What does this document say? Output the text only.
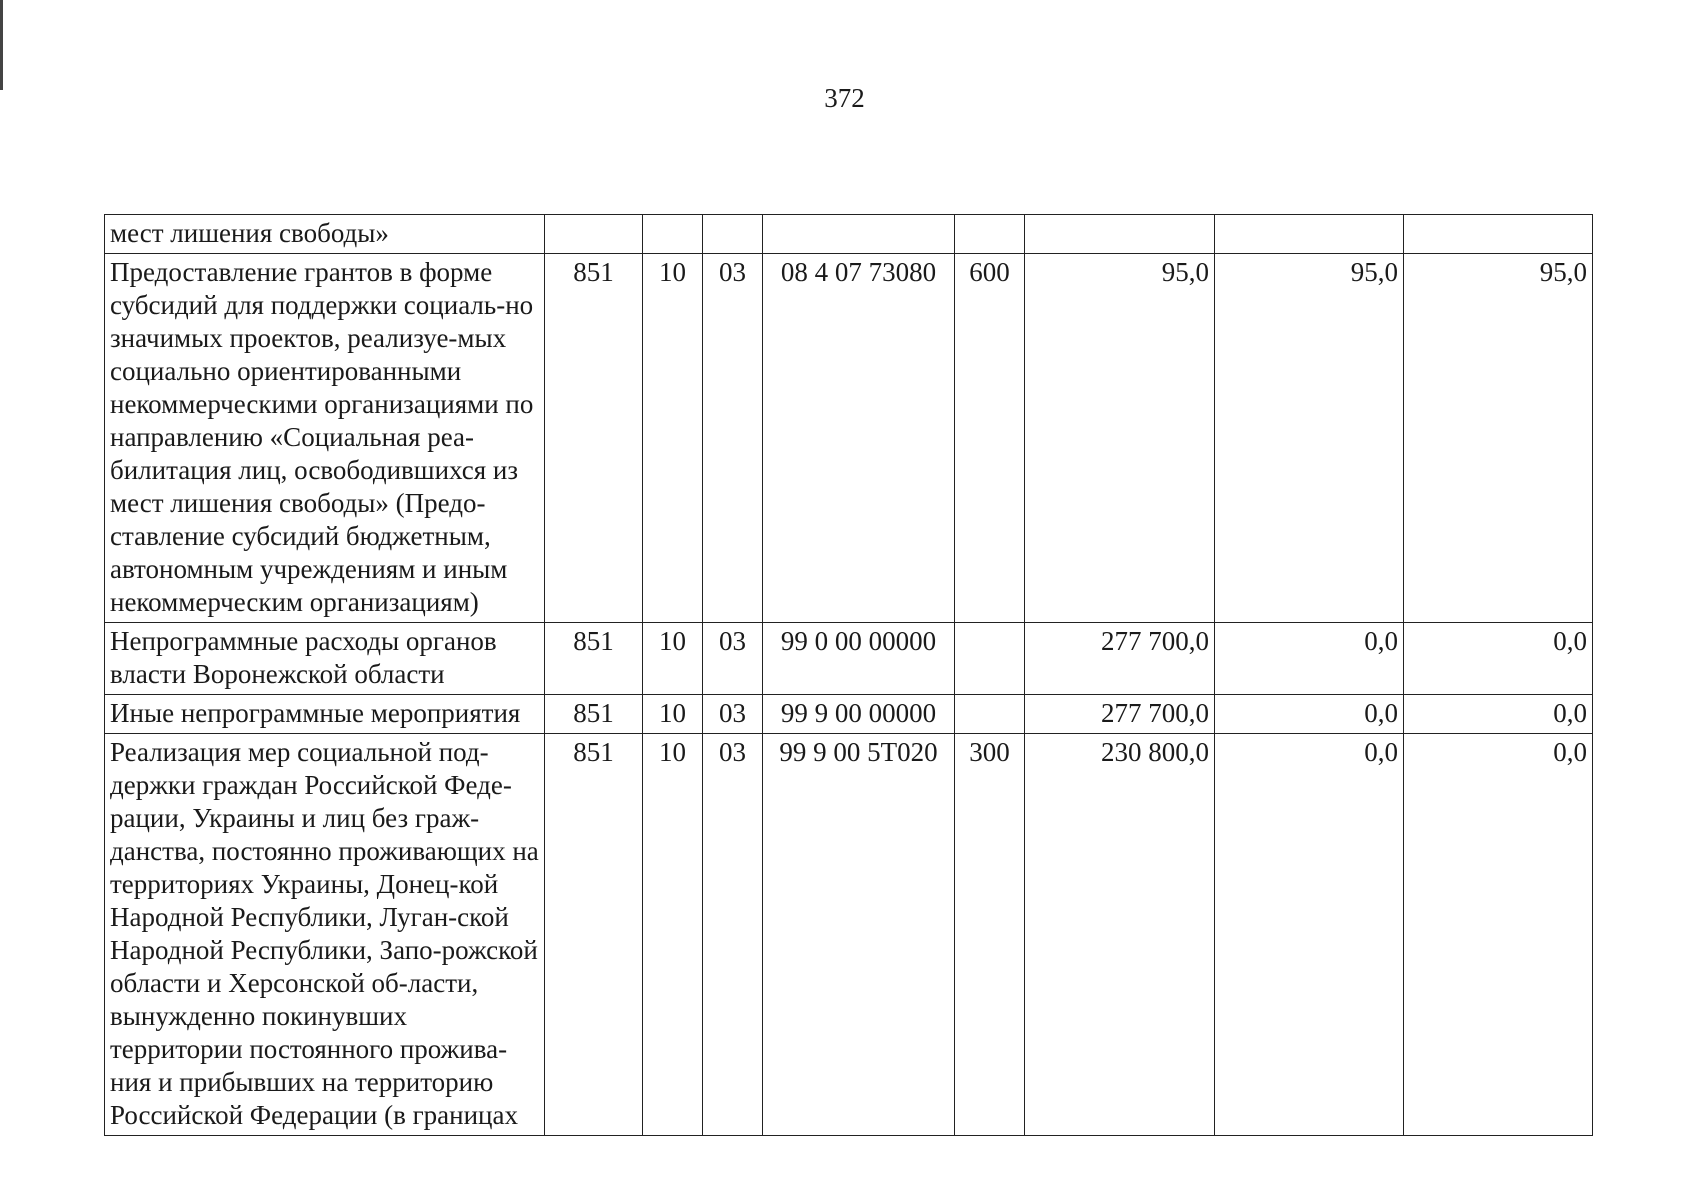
372
мест лишения свободы»								
Предоставление грантов в форме субсидий для поддержки социаль-но значимых проектов, реализуе-мых социально ориентированными некоммерческими организациями по направлению «Социальная реа-билитация лиц, освободившихся из мест лишения свободы» (Предо-ставление субсидий бюджетным, автономным учреждениям и иным некоммерческим организациям)	851	10	03	08 4 07 73080	600	95,0	95,0	95,0
Непрограммные расходы органов власти Воронежской области	851	10	03	99 0 00 00000		277 700,0	0,0	0,0
Иные непрограммные мероприятия	851	10	03	99 9 00 00000		277 700,0	0,0	0,0
Реализация мер социальной под-держки граждан Российской Феде-рации, Украины и лиц без граж-данства, постоянно проживающих на территориях Украины, Донец-кой Народной Республики, Луган-ской Народной Республики, Запо-рожской области и Херсонской об-ласти, вынужденно покинувших территории постоянного прожива-ния и прибывших на территорию Российской Федерации (в границах	851	10	03	99 9 00 5Т020	300	230 800,0	0,0	0,0
